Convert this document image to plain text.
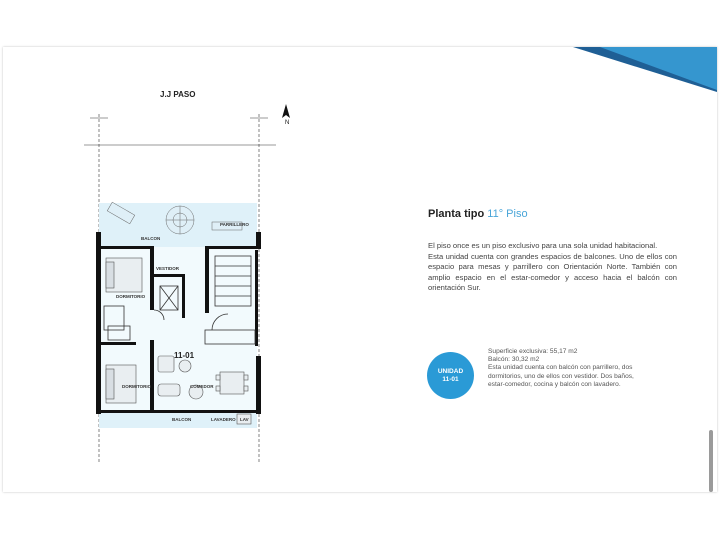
J.J PASO
N
BALCON
PARRILLERO
VESTIDOR
DORMITORIO
11-01
DORMITORIO	COMEDOR
BALCON	LAVADERO LAV
Planta tipo 11° Piso

El piso once es un piso exclusivo para una sola unidad habitacional.

Esta unidad cuenta con grandes espacios de balcones. Uno de ellos con espacio para mesas y parrillero con Orientación Norte. También con amplio espacio en el estar-comedor y acceso hacia el balcón con orientación Sur.

UNIDAD
11-01

Superficie exclusiva: 55,17 m2

Balcón: 30,32 m2

Esta unidad cuenta con balcón con parrillero, dos dormitorios, uno de ellos con vestidor. Dos baños, estar-comedor, cocina y balcón con lavadero.
